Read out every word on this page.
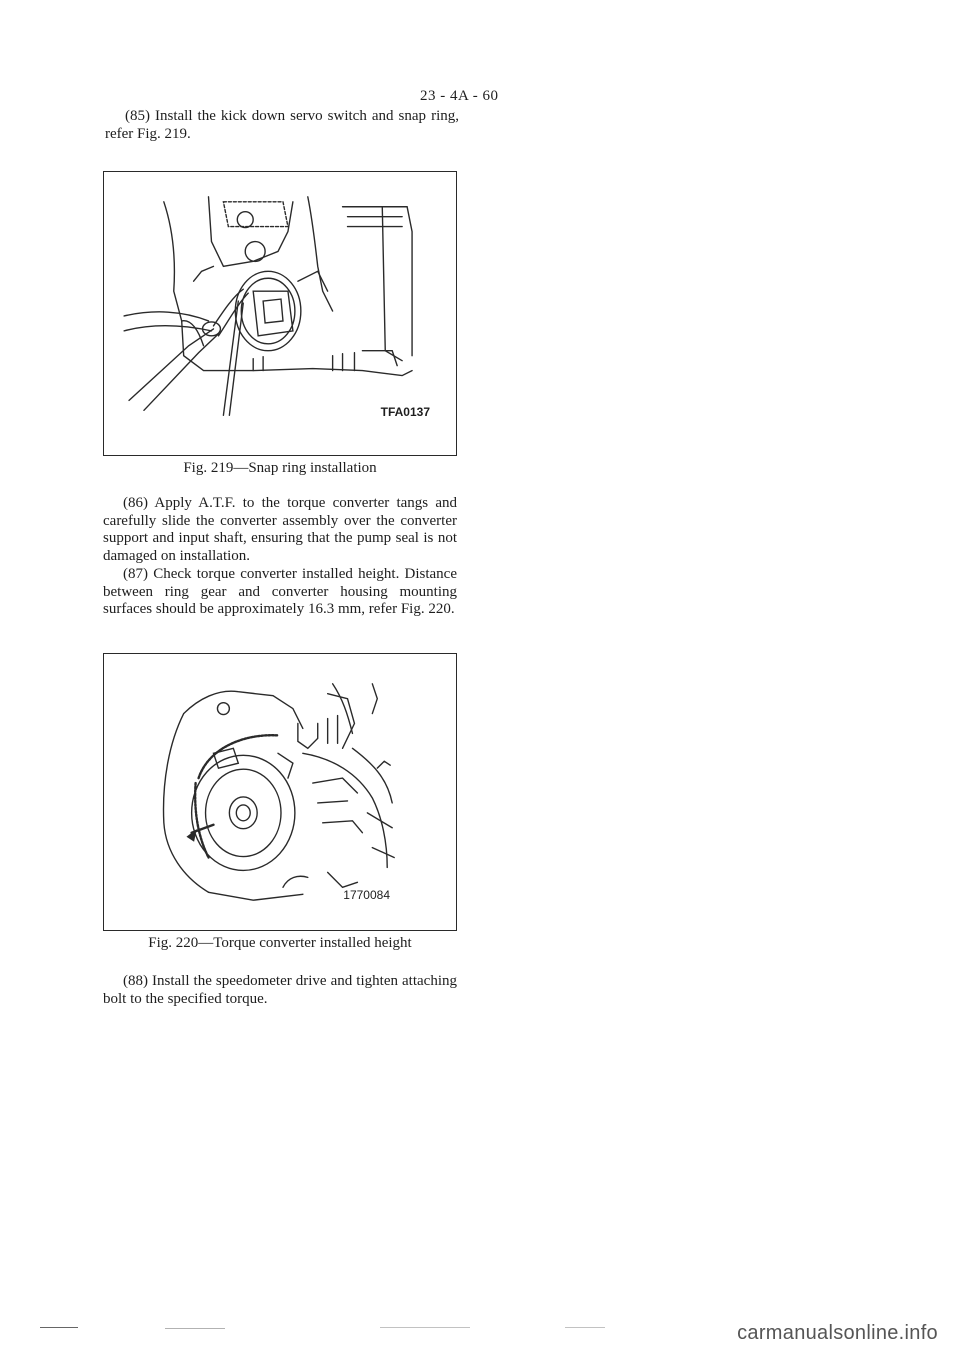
23 - 4A - 60
(85) Install the kick down servo switch and snap ring, refer Fig. 219.
TFA0137
Fig. 219—Snap ring installation
(86) Apply A.T.F. to the torque converter tangs and carefully slide the converter assembly over the converter support and input shaft, ensuring that the pump seal is not damaged on installation.
(87) Check torque converter installed height. Distance between ring gear and converter housing mounting surfaces should be approximately 16.3 mm, refer Fig. 220.
1770084
Fig. 220—Torque converter installed height
(88) Install the speedometer drive and tighten attaching bolt to the specified torque.
carmanualsonline.info
